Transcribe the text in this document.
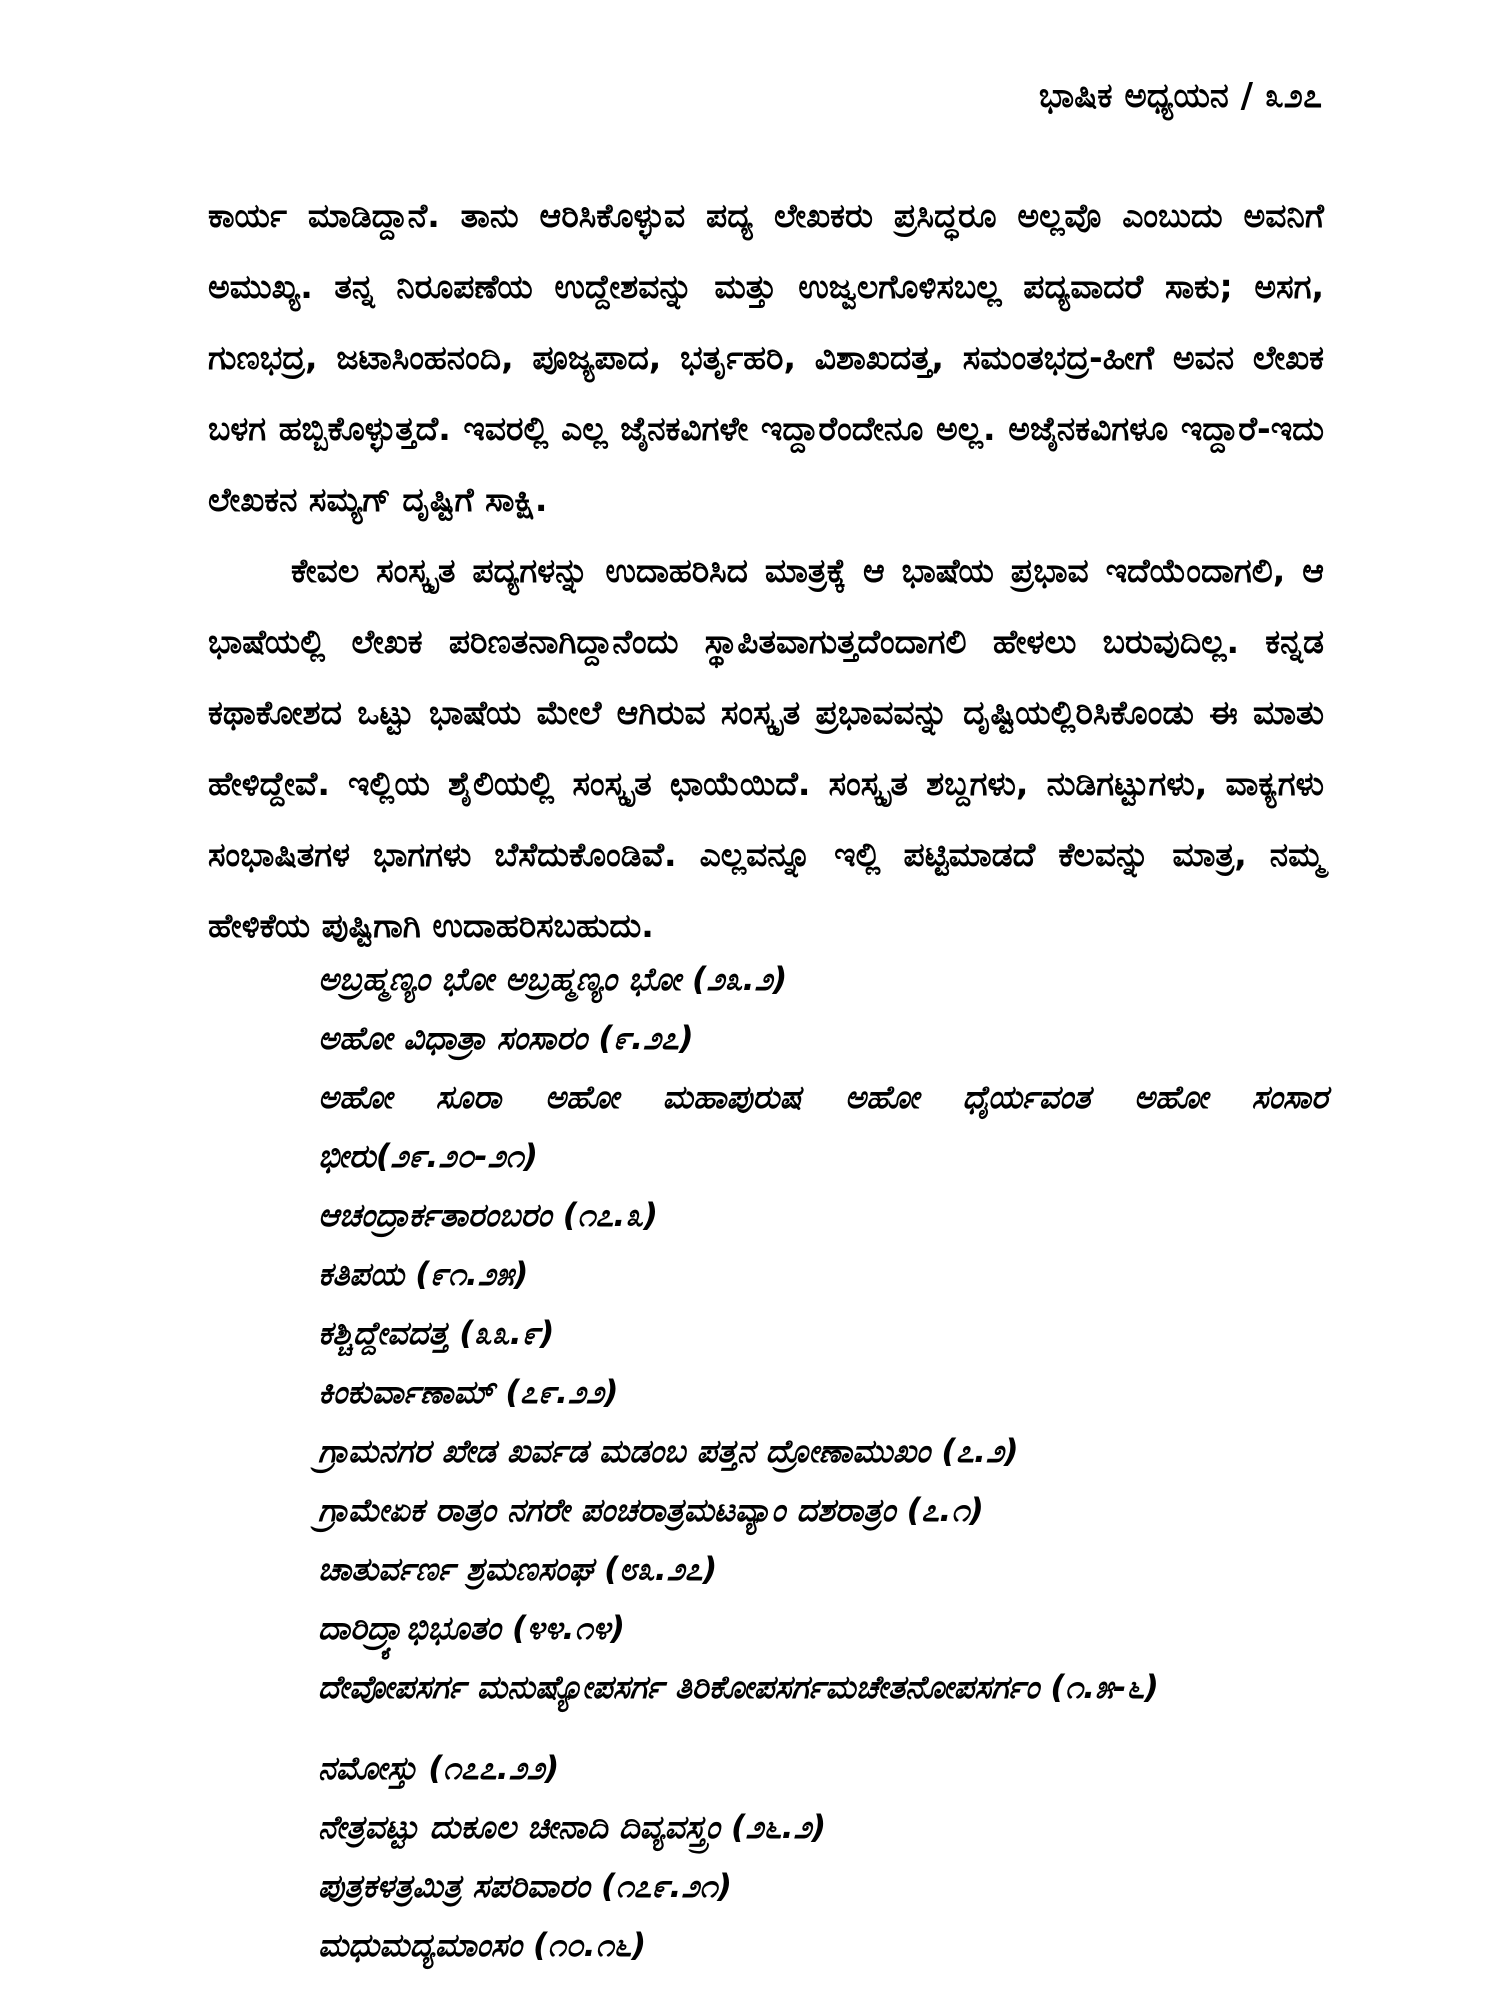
ಭಾಷಿಕ ಅಧ್ಯಯನ / ೩೨೭

ಕಾರ್ಯ ಮಾಡಿದ್ದಾನೆ. ತಾನು ಆರಿಸಿಕೊಳ್ಳುವ ಪದ್ಯ ಲೇಖಕರು ಪ್ರಸಿದ್ಧರೂ ಅಲ್ಲವೊ ಎಂಬುದು ಅವನಿಗೆ ಅಮುಖ್ಯ. ತನ್ನ ನಿರೂಪಣೆಯ ಉದ್ದೇಶವನ್ನು ಮತ್ತು ಉಜ್ವಲಗೊಳಿಸಬಲ್ಲ ಪದ್ಯವಾದರೆ ಸಾಕು; ಅಸಗ, ಗುಣಭದ್ರ, ಜಟಾಸಿಂಹನಂದಿ, ಪೂಜ್ಯಪಾದ, ಭರ್ತೃಹರಿ, ವಿಶಾಖದತ್ತ, ಸಮಂತಭದ್ರ-ಹೀಗೆ ಅವನ ಲೇಖಕ ಬಳಗ ಹಬ್ಬಿಕೊಳ್ಳುತ್ತದೆ. ಇವರಲ್ಲಿ ಎಲ್ಲ ಜೈನಕವಿಗಳೇ ಇದ್ದಾರೆಂದೇನೂ ಅಲ್ಲ. ಅಜೈನಕವಿಗಳೂ ಇದ್ದಾರೆ-ಇದು ಲೇಖಕನ ಸಮ್ಯಗ್ ದೃಷ್ಟಿಗೆ ಸಾಕ್ಷಿ.

ಕೇವಲ ಸಂಸ್ಕೃತ ಪದ್ಯಗಳನ್ನು ಉದಾಹರಿಸಿದ ಮಾತ್ರಕ್ಕೆ ಆ ಭಾಷೆಯ ಪ್ರಭಾವ ಇದೆಯೆಂದಾಗಲಿ, ಆ ಭಾಷೆಯಲ್ಲಿ ಲೇಖಕ ಪರಿಣತನಾಗಿದ್ದಾನೆಂದು ಸ್ಥಾಪಿತವಾಗುತ್ತದೆಂದಾಗಲಿ ಹೇಳಲು ಬರುವುದಿಲ್ಲ. ಕನ್ನಡ ಕಥಾಕೋಶದ ಒಟ್ಟು ಭಾಷೆಯ ಮೇಲೆ ಆಗಿರುವ ಸಂಸ್ಕೃತ ಪ್ರಭಾವವನ್ನು ದೃಷ್ಟಿಯಲ್ಲಿರಿಸಿಕೊಂಡು ಈ ಮಾತು ಹೇಳಿದ್ದೇವೆ. ಇಲ್ಲಿಯ ಶೈಲಿಯಲ್ಲಿ ಸಂಸ್ಕೃತ ಛಾಯೆಯಿದೆ. ಸಂಸ್ಕೃತ ಶಬ್ದಗಳು, ನುಡಿಗಟ್ಟುಗಳು, ವಾಕ್ಯಗಳು ಸಂಭಾಷಿತಗಳ ಭಾಗಗಳು ಬೆಸೆದುಕೊಂಡಿವೆ. ಎಲ್ಲವನ್ನೂ ಇಲ್ಲಿ ಪಟ್ಟಿಮಾಡದೆ ಕೆಲವನ್ನು ಮಾತ್ರ, ನಮ್ಮ ಹೇಳಿಕೆಯ ಪುಷ್ಟಿಗಾಗಿ ಉದಾಹರಿಸಬಹುದು.

ಅಬ್ರಹ್ಮಣ್ಯಂ ಭೋ ಅಬ್ರಹ್ಮಣ್ಯಂ ಭೋ (೨೩.೨)
ಅಹೋ ವಿಧಾತ್ರಾ ಸಂಸಾರಂ (೯.೨೭)
ಅಹೋ ಸೂರಾ ಅಹೋ ಮಹಾಪುರುಷ ಅಹೋ ಧೈರ್ಯವಂತ ಅಹೋ ಸಂಸಾರ ಭೀರು(೨೯.೨೦-೨೧)
ಆಚಂದ್ರಾರ್ಕತಾರಂಬರಂ (೧೭.೩)
ಕತಿಪಯ (೯೧.೨೫)
ಕಶ್ಚಿದ್ದೇವದತ್ತ (೩೩.೯)
ಕಿಂಕುರ್ವಾಣಾಮ್ (೭೯.೨೨)
ಗ್ರಾಮನಗರ ಖೇಡ ಖರ್ವಡ ಮಡಂಬ ಪತ್ತನ ದ್ರೋಣಾಮುಖಂ (೭.೨)
ಗ್ರಾಮೇಏಕ ರಾತ್ರಂ ನಗರೇ ಪಂಚರಾತ್ರಮಟವ್ಯಾಂ ದಶರಾತ್ರಂ (೭.೧)
ಚಾತುರ್ವರ್ಣ ಶ್ರಮಣಸಂಘ (೮೩.೨೭)
ದಾರಿದ್ರ್ಯಾಭಿಭೂತಂ (೪೪.೧೪)
ದೇವೋಪಸರ್ಗ ಮನುಷ್ಯೋಪಸರ್ಗ ತಿರಿಕೋಪಸರ್ಗಮಚೇತನೋಪಸರ್ಗಂ (೧.೫-೬)
ನಮೋಸ್ತು (೧೭೭.೨೨)
ನೇತ್ರವಟ್ಟು ದುಕೂಲ ಚೀನಾದಿ ದಿವ್ಯವಸ್ತ್ರಂ (೨೬.೨)
ಪುತ್ರಕಳತ್ರಮಿತ್ರ ಸಪರಿವಾರಂ (೧೭೯.೨೧)
ಮಧುಮದ್ಯಮಾಂಸಂ (೧೦.೧೬)
